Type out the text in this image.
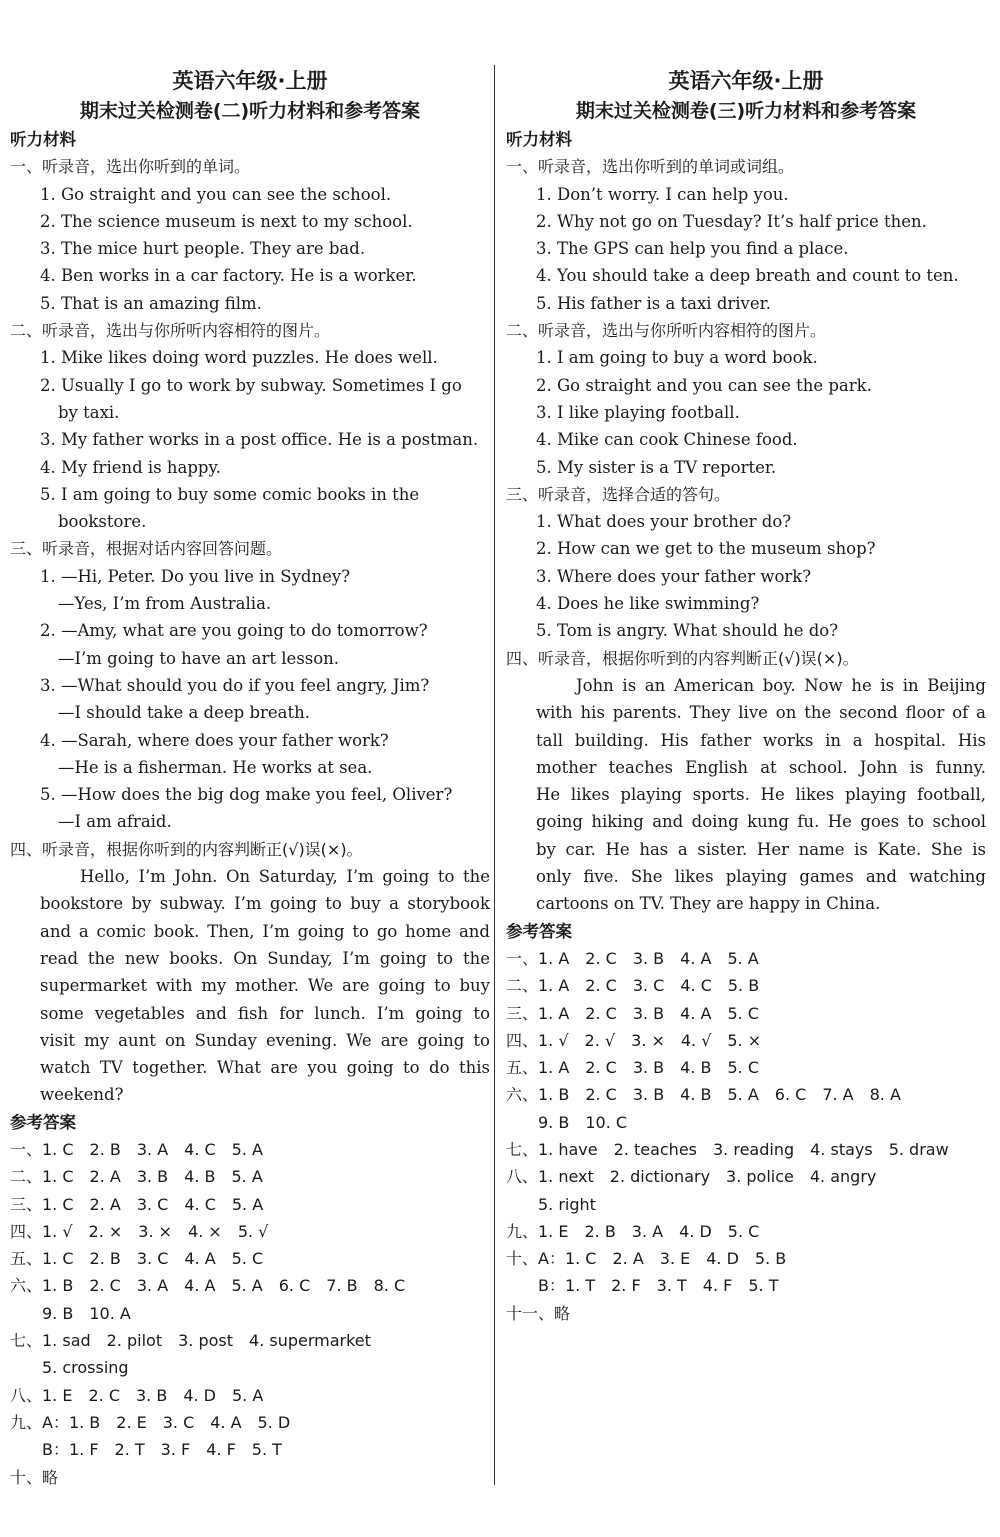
英语六年级·上册
期末过关检测卷(二)听力材料和参考答案
听力材料
一、听录音，选出你听到的单词。
1. Go straight and you can see the school.
2. The science museum is next to my school.
3. The mice hurt people. They are bad.
4. Ben works in a car factory. He is a worker.
5. That is an amazing film.
二、听录音，选出与你所听内容相符的图片。
1. Mike likes doing word puzzles. He does well.
2. Usually I go to work by subway. Sometimes I go
by taxi.
3. My father works in a post office. He is a postman.
4. My friend is happy.
5. I am going to buy some comic books in the
bookstore.
三、听录音，根据对话内容回答问题。
1. —Hi, Peter. Do you live in Sydney?
—Yes, I’m from Australia.
2. —Amy, what are you going to do tomorrow?
—I’m going to have an art lesson.
3. —What should you do if you feel angry, Jim?
—I should take a deep breath.
4. —Sarah, where does your father work?
—He is a fisherman. He works at sea.
5. —How does the big dog make you feel, Oliver?
—I am afraid.
四、听录音，根据你听到的内容判断正(√)误(×)。
Hello, I’m John. On Saturday, I’m going to the
bookstore by subway. I’m going to buy a storybook
and a comic book. Then, I’m going to go home and
read the new books. On Sunday, I’m going to the
supermarket with my mother. We are going to buy
some vegetables and fish for lunch. I’m going to
visit my aunt on Sunday evening. We are going to
watch TV together. What are you going to do this
weekend?
参考答案
一、1. C　2. B　3. A　4. C　5. A
二、1. C　2. A　3. B　4. B　5. A
三、1. C　2. A　3. C　4. C　5. A
四、1. √　2. ×　3. ×　4. ×　5. √
五、1. C　2. B　3. C　4. A　5. C
六、1. B　2. C　3. A　4. A　5. A　6. C　7. B　8. C
　　9. B　10. A
七、1. sad　2. pilot　3. post　4. supermarket
　　5. crossing
八、1. E　2. C　3. B　4. D　5. A
九、A：1. B　2. E　3. C　4. A　5. D
　　B：1. F　2. T　3. F　4. F　5. T
十、略
英语六年级·上册
期末过关检测卷(三)听力材料和参考答案
听力材料
一、听录音，选出你听到的单词或词组。
1. Don’t worry. I can help you.
2. Why not go on Tuesday? It’s half price then.
3. The GPS can help you find a place.
4. You should take a deep breath and count to ten.
5. His father is a taxi driver.
二、听录音，选出与你所听内容相符的图片。
1. I am going to buy a word book.
2. Go straight and you can see the park.
3. I like playing football.
4. Mike can cook Chinese food.
5. My sister is a TV reporter.
三、听录音，选择合适的答句。
1. What does your brother do?
2. How can we get to the museum shop?
3. Where does your father work?
4. Does he like swimming?
5. Tom is angry. What should he do?
四、听录音，根据你听到的内容判断正(√)误(×)。
John is an American boy. Now he is in Beijing
with his parents. They live on the second floor of a
tall building. His father works in a hospital. His
mother teaches English at school. John is funny.
He likes playing sports. He likes playing football,
going hiking and doing kung fu. He goes to school
by car. He has a sister. Her name is Kate. She is
only five. She likes playing games and watching
cartoons on TV. They are happy in China.
参考答案
一、1. A　2. C　3. B　4. A　5. A
二、1. A　2. C　3. C　4. C　5. B
三、1. A　2. C　3. B　4. A　5. C
四、1. √　2. √　3. ×　4. √　5. ×
五、1. A　2. C　3. B　4. B　5. C
六、1. B　2. C　3. B　4. B　5. A　6. C　7. A　8. A
　　9. B　10. C
七、1. have　2. teaches　3. reading　4. stays　5. draw
八、1. next　2. dictionary　3. police　4. angry
　　5. right
九、1. E　2. B　3. A　4. D　5. C
十、A：1. C　2. A　3. E　4. D　5. B
　　B：1. T　2. F　3. T　4. F　5. T
十一、略
